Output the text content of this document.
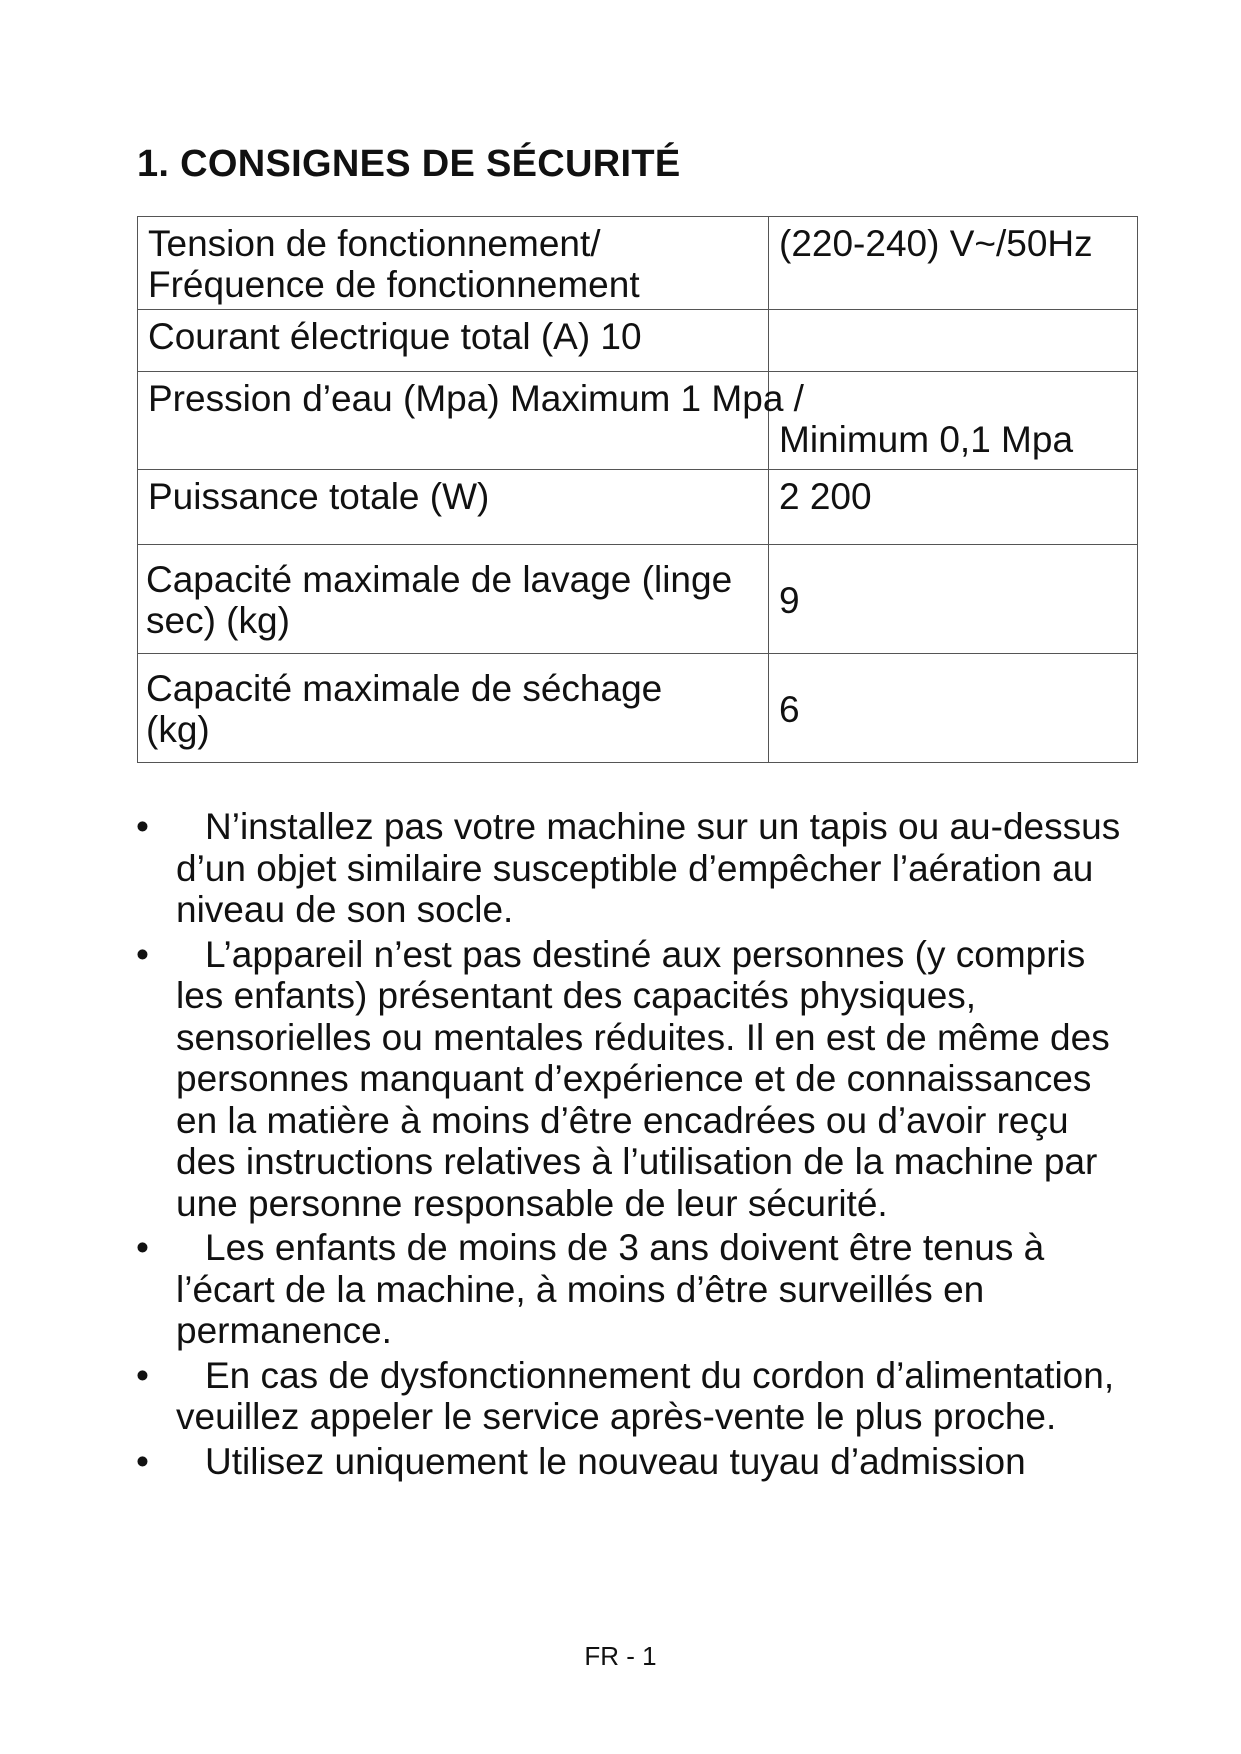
1. CONSIGNES DE SÉCURITÉ
Tension de fonctionnement/ Fréquence de fonctionnement	(220-240) V~/50Hz
Courant électrique total (A) 10	

Pression d’eau (Mpa) Maximum 1 Mpa /	Minimum 0,1 Mpa

Puissance totale (W)	2 200
Capacité maximale de lavage (linge sec) (kg)	9
Capacité maximale de séchage (kg)	6
•	N’installez pas votre machine sur un tapis ou au-dessus d’un objet similaire susceptible d’empêcher l’aération au niveau de son socle.
•	L’appareil n’est pas destiné aux personnes (y compris les enfants) présentant des capacités physiques, sensorielles ou mentales réduites. Il en est de même des personnes manquant d’expérience et de connaissances en la matière à moins d’être encadrées ou d’avoir reçu des instructions relatives à l’utilisation de la machine par une personne responsable de leur sécurité.
•	Les enfants de moins de 3 ans doivent être tenus à l’écart de la machine, à moins d’être surveillés en permanence.
•	En cas de dysfonctionnement du cordon d’alimentation, veuillez appeler le service après-vente le plus proche.
•	Utilisez uniquement le nouveau tuyau d’admission
FR - 1
